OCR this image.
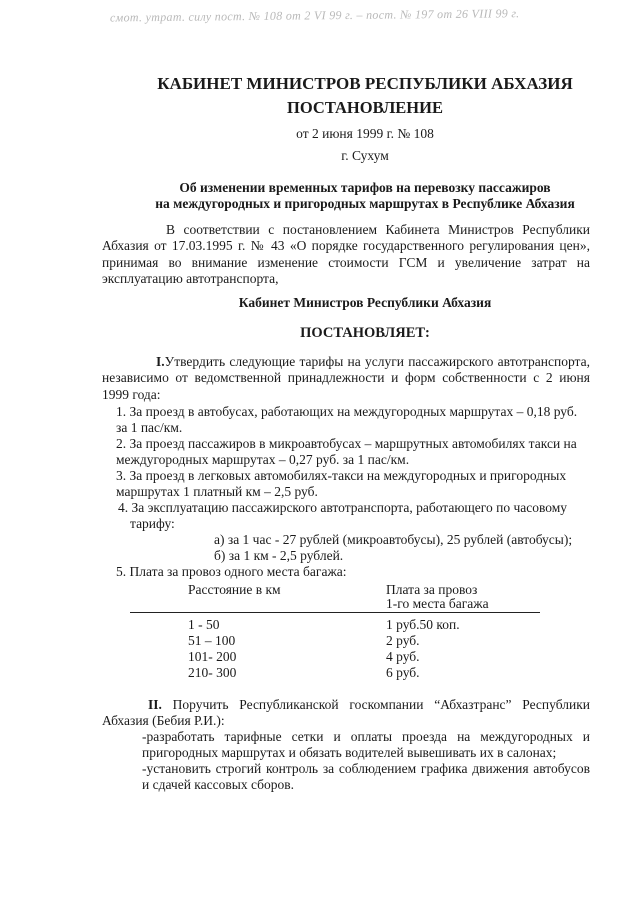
смот. утрат. силу пост. № 108 от 2 VI 99 г. – пост. № 197 от 26 VIII 99 г.
КАБИНЕТ МИНИСТРОВ РЕСПУБЛИКИ АБХАЗИЯ
ПОСТАНОВЛЕНИЕ
от 2 июня 1999 г. № 108
г. Сухум
Об изменении временных тарифов на перевозку пассажиров
на междугородных и пригородных маршрутах в Республике Абхазия
В соответствии с постановлением Кабинета Министров Республики Абхазия от 17.03.1995 г. № 43 «О порядке государственного регулирования цен», принимая во внимание изменение стоимости ГСМ и увеличение затрат на эксплуатацию автотранспорта,
Кабинет Министров Республики Абхазия
ПОСТАНОВЛЯЕТ:
I.Утвердить следующие тарифы на услуги пассажирского автотранспорта, независимо от ведомственной принадлежности и форм собственности с 2 июня 1999 года:
1. За проезд в автобусах, работающих на междугородных маршрутах – 0,18 руб.
за 1 пас/км.
2. За проезд пассажиров в микроавтобусах – маршрутных автомобилях такси на
междугородных маршрутах – 0,27 руб. за 1 пас/км.
3. За проезд в легковых автомобилях-такси на междугородных и пригородных
маршрутах 1 платный км – 2,5 руб.
4. За эксплуатацию пассажирского автотранспорта, работающего по часовому
тарифу:
а) за 1 час - 27 рублей (микроавтобусы), 25 рублей (автобусы);
б) за 1 км - 2,5 рублей.
5. Плата за провоз одного места багажа:
Расстояние в км	Плата за провоз
1-го места багажа
1 - 50	1 руб.50 коп.
51 – 100	2 руб.
101- 200	4 руб.
210- 300	6 руб.
II. Поручить Республиканской госкомпании “Абхазтранс” Республики Абхазия (Бебия Р.И.):
-разработать тарифные сетки и оплаты проезда на междугородных и пригородных маршрутах и обязать водителей вывешивать их в салонах;
-установить строгий контроль за соблюдением графика движения автобусов и сдачей кассовых сборов.
